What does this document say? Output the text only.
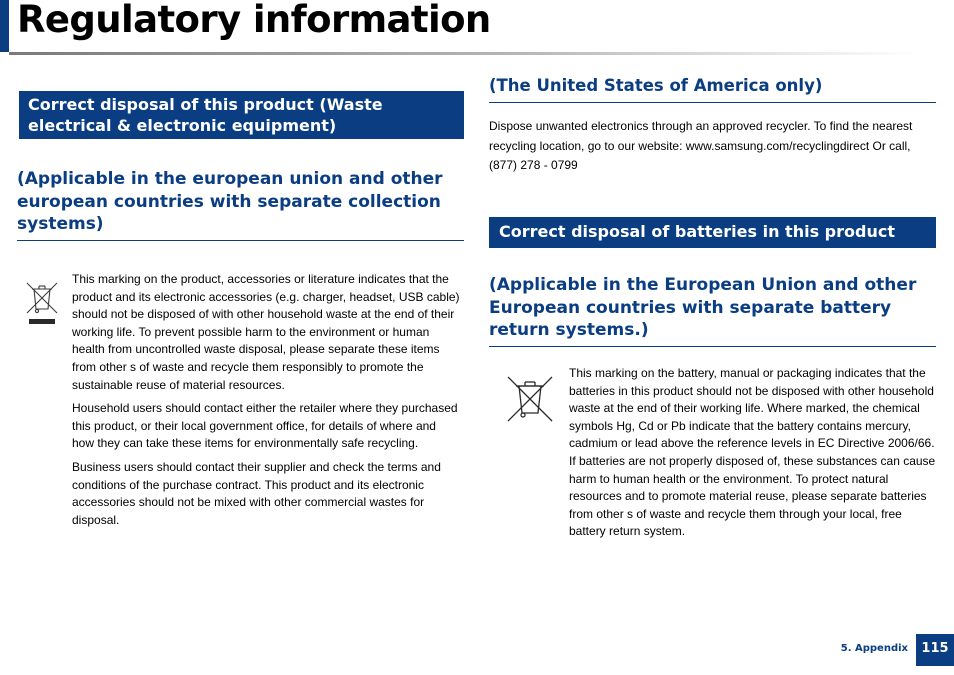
Regulatory information
Correct disposal of this product (Waste electrical & electronic equipment)
(Applicable in the european union and other european countries with separate collection systems)

This marking on the product, accessories or literature indicates that the product and its electronic accessories (e.g. charger, headset, USB cable) should not be disposed of with other household waste at the end of their working life. To prevent possible harm to the environment or human health from uncontrolled waste disposal, please separate these items from other s of waste and recycle them responsibly to promote the sustainable reuse of material resources.

Household users should contact either the retailer where they purchased this product, or their local government office, for details of where and how they can take these items for environmentally safe recycling.

Business users should contact their supplier and check the terms and conditions of the purchase contract. This product and its electronic accessories should not be mixed with other commercial wastes for disposal.

(The United States of America only)

Dispose unwanted electronics through an approved recycler. To find the nearest recycling location, go to our website: www.samsung.com/recyclingdirect Or call, (877) 278 - 0799

Correct disposal of batteries in this product
(Applicable in the European Union and other European countries with separate battery return systems.)

This marking on the battery, manual or packaging indicates that the batteries in this product should not be disposed with other household waste at the end of their working life. Where marked, the chemical symbols Hg, Cd or Pb indicate that the battery contains mercury, cadmium or lead above the reference levels in EC Directive 2006/66. If batteries are not properly disposed of, these substances can cause harm to human health or the environment. To protect natural resources and to promote material reuse, please separate batteries from other s of waste and recycle them through your local, free battery return system.

5. Appendix	115
